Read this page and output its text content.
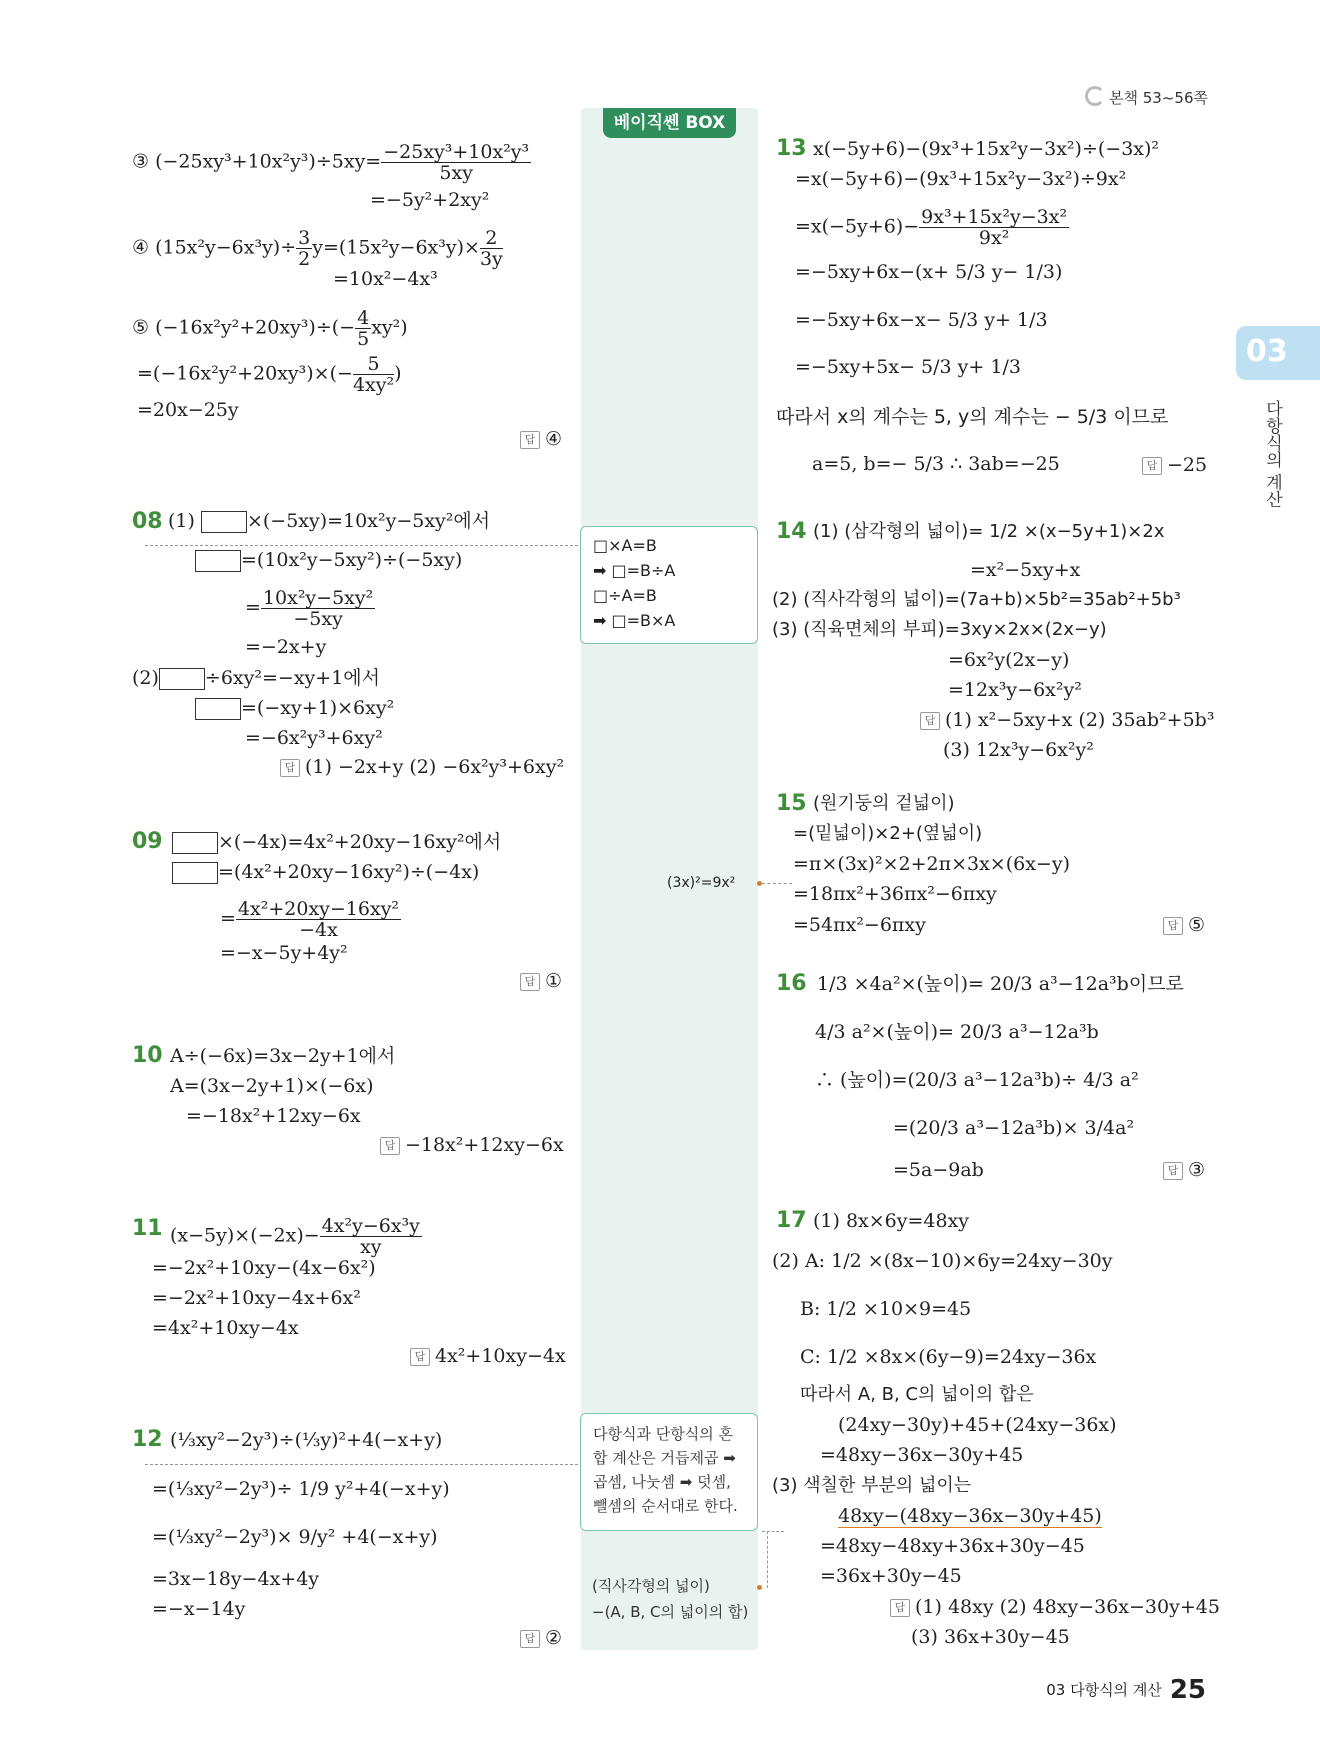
본책 53~56쪽
베이직쎈 BOX
□×A=B
➡ □=B÷A
□÷A=B
➡ □=B×A
(3x)²=9x²
다항식과 단항식의 혼합 계산은 거듭제곱 ➡ 곱셈, 나눗셈 ➡ 덧셈, 뺄셈의 순서대로 한다.
(직사각형의 넓이)
−(A, B, C의 넓이의 합)
03
다항식의 계산
③ $(-25xy^3+10x^2y^3)\div 5xy= \frac{\text{−25xy³+10x²y³}}{5xy}$
=−5y²+2xy²
④ $(15x^2y-6x^3y)\div \frac{3}{2} y=(15x^2y-6x^3y)\times \frac{2}{3y}$
=10x²−4x³
⑤ $(-16x^2y^2+20xy^3)\div(- \frac{4}{5} xy^2)$
$=(-16x^2y^2+20xy^3)\times(- \frac{5}{\text{4xy²}}$ )
=20x−25y
답 ④
08 (1)	×(−5xy)=10x²y−5xy²에서
=(10x²y−5xy²)÷(−5xy)
= $\frac{\text{10x²y−5xy²}}{-5xy}$
=−2x+y
(2) ÷6xy²=−xy+1에서
=(−xy+1)×6xy²
=−6x²y³+6xy²
답 (1) −2x+y (2) −6x²y³+6xy²
09	×(−4x)=4x²+20xy−16xy²에서
=(4x²+20xy−16xy²)÷(−4x)
= $\frac{\text{4x²+20xy−16xy²}}{-4x}$
=−x−5y+4y²
답 ①
10 A÷(−6x)=3x−2y+1에서
A=(3x−2y+1)×(−6x)
=−18x²+12xy−6x
답 −18x²+12xy−6x
11 $(x-5y)\times(-2x)- \frac{\text{4x²y−6x³y}}{xy}$
=−2x²+10xy−(4x−6x²)
=−2x²+10xy−4x+6x²
=4x²+10xy−4x
답 4x²+10xy−4x
12 (⅓xy²−2y³)÷(⅓y)²+4(−x+y)
=(⅓xy²−2y³)÷ 1/9 y²+4(−x+y)
=(⅓xy²−2y³)× 9/y² +4(−x+y)
=3x−18y−4x+4y
=−x−14y
답 ②
13 x(−5y+6)−(9x³+15x²y−3x²)÷(−3x)²
=x(−5y+6)−(9x³+15x²y−3x²)÷9x²
$=x(-5y+6)- \frac{\text{9x³+15x²y−3x²}}{\text{9x²}}$
=−5xy+6x−(x+ 5/3 y− 1/3)
=−5xy+6x−x− 5/3 y+ 1/3
=−5xy+5x− 5/3 y+ 1/3
따라서 x의 계수는 5, y의 계수는 − 5/3 이므로
a=5, b=− 5/3 ∴ 3ab=−25	답 −25
14 (1) (삼각형의 넓이)= 1/2 ×(x−5y+1)×2x
=x²−5xy+x
(2) (직사각형의 넓이)=(7a+b)×5b²=35ab²+5b³
(3) (직육면체의 부피)=3xy×2x×(2x−y)
=6x²y(2x−y)
=12x³y−6x²y²
답 (1) x²−5xy+x (2) 35ab²+5b³
(3) 12x³y−6x²y²
15 (원기둥의 겉넓이)
=(밑넓이)×2+(옆넓이)
=π×(3x)²×2+2π×3x×(6x−y)
=18πx²+36πx²−6πxy
=54πx²−6πxy	답 ⑤
16 1/3 ×4a²×(높이)= 20/3 a³−12a³b이므로
4/3 a²×(높이)= 20/3 a³−12a³b
∴ (높이)=(20/3 a³−12a³b)÷ 4/3 a²
=(20/3 a³−12a³b)× 3/4a²
=5a−9ab	답 ③
17 (1) 8x×6y=48xy
(2) A: 1/2 ×(8x−10)×6y=24xy−30y
B: 1/2 ×10×9=45
C: 1/2 ×8x×(6y−9)=24xy−36x
따라서 A, B, C의 넓이의 합은
(24xy−30y)+45+(24xy−36x)
=48xy−36x−30y+45
(3) 색칠한 부분의 넓이는
48xy−(48xy−36x−30y+45)
=48xy−48xy+36x+30y−45
=36x+30y−45
답 (1) 48xy (2) 48xy−36x−30y+45
(3) 36x+30y−45
03 다항식의 계산 25
